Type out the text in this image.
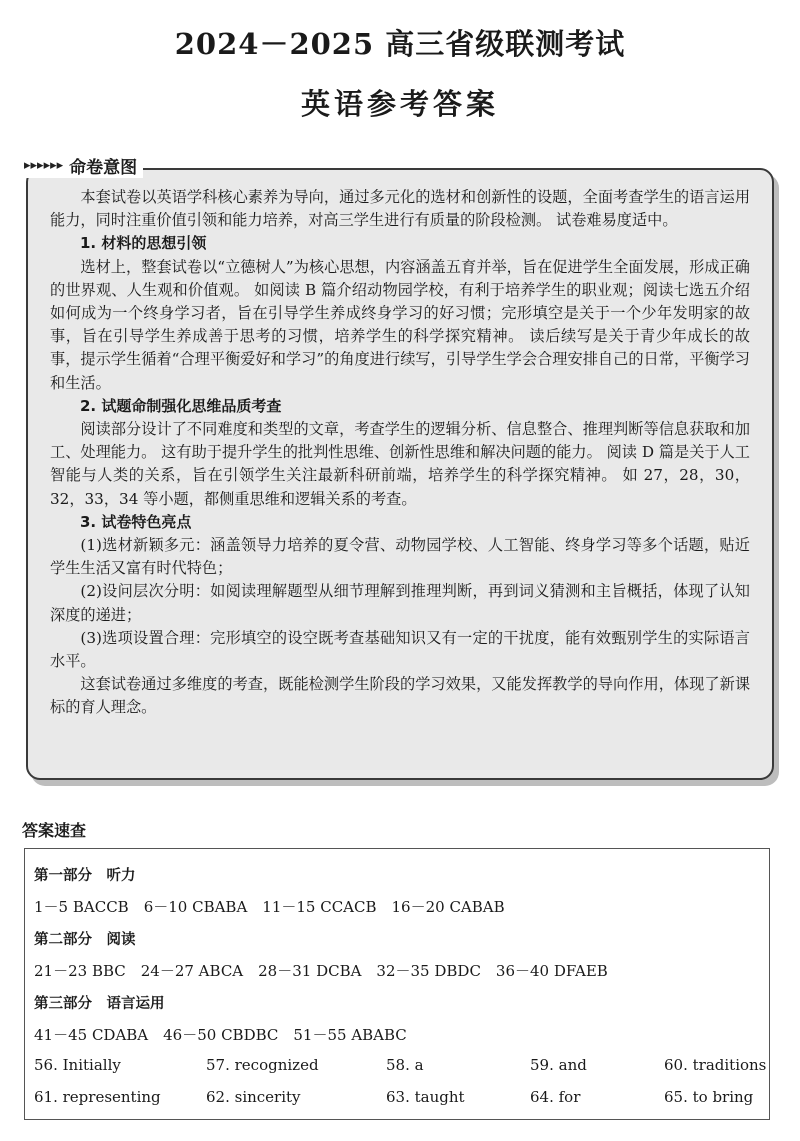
2024－2025 高三省级联测考试
英语参考答案
▸▸▸▸▸▸ 命卷意图

本套试卷以英语学科核心素养为导向，通过多元化的选材和创新性的设题，全面考查学生的语言运用能力，同时注重价值引领和能力培养，对高三学生进行有质量的阶段检测。 试卷难易度适中。

1. 材料的思想引领

选材上，整套试卷以“立德树人”为核心思想，内容涵盖五育并举，旨在促进学生全面发展，形成正确的世界观、人生观和价值观。 如阅读 B 篇介绍动物园学校，有利于培养学生的职业观；阅读七选五介绍如何成为一个终身学习者，旨在引导学生养成终身学习的好习惯；完形填空是关于一个少年发明家的故事，旨在引导学生养成善于思考的习惯，培养学生的科学探究精神。 读后续写是关于青少年成长的故事，提示学生循着“合理平衡爱好和学习”的角度进行续写，引导学生学会合理安排自己的日常，平衡学习和生活。

2. 试题命制强化思维品质考查

阅读部分设计了不同难度和类型的文章，考查学生的逻辑分析、信息整合、推理判断等信息获取和加工、处理能力。 这有助于提升学生的批判性思维、创新性思维和解决问题的能力。 阅读 D 篇是关于人工智能与人类的关系，旨在引领学生关注最新科研前端，培养学生的科学探究精神。 如 27，28，30，32，33，34 等小题，都侧重思维和逻辑关系的考查。

3. 试卷特色亮点

(1)选材新颖多元：涵盖领导力培养的夏令营、动物园学校、人工智能、终身学习等多个话题，贴近学生生活又富有时代特色；

(2)设问层次分明：如阅读理解题型从细节理解到推理判断，再到词义猜测和主旨概括，体现了认知深度的递进；

(3)选项设置合理：完形填空的设空既考查基础知识又有一定的干扰度，能有效甄别学生的实际语言水平。

这套试卷通过多维度的考查，既能检测学生阶段的学习效果，又能发挥教学的导向作用，体现了新课标的育人理念。

答案速查
第一部分　听力
1－5 BACCB　6－10 CBABA　11－15 CCACB　16－20 CABAB
第二部分　阅读
21－23 BBC　24－27 ABCA　28－31 DCBA　32－35 DBDC　36－40 DFAEB
第三部分　语言运用
41－45 CDABA　46－50 CBDBC　51－55 ABABC
56. Initially	57. recognized	58. a	59. and	60. traditions
61. representing	62. sincerity	63. taught	64. for	65. to bring
